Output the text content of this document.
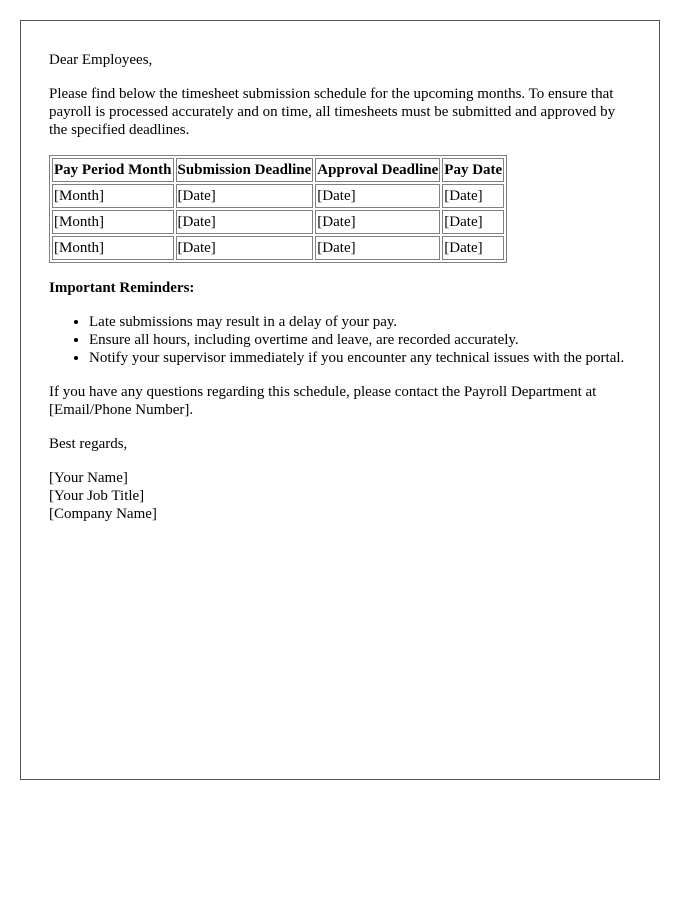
Dear Employees,

Please find below the timesheet submission schedule for the upcoming months. To ensure that payroll is processed accurately and on time, all timesheets must be submitted and approved by the specified deadlines.

Pay Period Month	Submission Deadline	Approval Deadline	Pay Date
[Month]	[Date]	[Date]	[Date]
[Month]	[Date]	[Date]	[Date]
[Month]	[Date]	[Date]	[Date]

Important Reminders:

• Late submissions may result in a delay of your pay.
• Ensure all hours, including overtime and leave, are recorded accurately.
• Notify your supervisor immediately if you encounter any technical issues with the portal.

If you have any questions regarding this schedule, please contact the Payroll Department at [Email/Phone Number].

Best regards,

[Your Name]
[Your Job Title]
[Company Name]
